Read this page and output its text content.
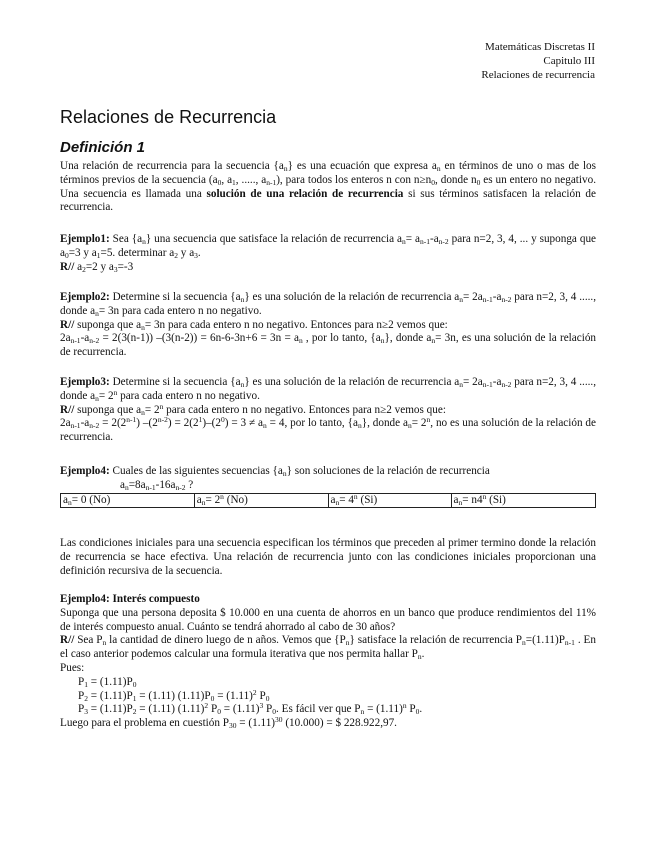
Matemáticas Discretas II
Capitulo III
Relaciones de recurrencia
Relaciones de Recurrencia
Definición 1

Una relación de recurrencia para la secuencia $\{a_n\}$ es una ecuación que expresa $a_n$ en términos de uno o mas de los términos previos de la secuencia ($a_0$, $a_1$, ....., $a_{n-1}$), para todos los enteros n con $n\ge n_0$, donde $n_0$ es un entero no negativo. Una secuencia es llamada una solución de una relación de recurrencia si sus términos satisfacen la relación de recurrencia.

Ejemplo1: Sea $\{a_n\}$ una secuencia que satisface la relación de recurrencia $a_n= a_{n-1}-a_{n-2}$ para n=2, 3, 4, ... y suponga que $a_0=3$ y $a_1=5$. determinar $a_2$ y $a_3$.

R// $a_2=2$ y $a_3=-3$

Ejemplo2: Determine si la secuencia $\{a_n\}$ es una solución de la relación de recurrencia $a_n= 2a_{n-1}-a_{n-2}$ para n=2, 3, 4 ....., donde $a_n= 3n$ para cada entero n no negativo.

R// suponga que $a_n= 3n$ para cada entero n no negativo. Entonces para n≥2 vemos que:

$2a_{n-1}-a_{n-2} = 2(3(n-1)) -(3(n-2)) = 6n-6-3n+6 = 3n = a_n$ , por lo tanto, $\{a_n\}$, donde $a_n= 3n$, es una solución de la relación de recurrencia.

Ejemplo3: Determine si la secuencia $\{a_n\}$ es una solución de la relación de recurrencia $a_n= 2a_{n-1}-a_{n-2}$ para n=2, 3, 4 ....., donde $a_n= 2^n$ para cada entero n no negativo.

R// suponga que $a_n= 2^n$ para cada entero n no negativo. Entonces para n≥2 vemos que:

$2a_{n-1}-a_{n-2} = 2(2^{n-1}) -(2^{n-2}) = 2(2^1)-(2^0) = 3 \ne a_n = 4$, por lo tanto, $\{a_n\}$, donde $a_n= 2^n$, no es una solución de la relación de recurrencia.

Ejemplo4: Cuales de las siguientes secuencias $\{a_n\}$ son soluciones de la relación de recurrencia
$a_n=8a_{n-1}-16a_{n-2}$ ?
$a_n= 0$ (No)	$a_n= 2^n$ (No)	$a_n= 4^n$ (Si)	$a_n= n4^n$ (Si)

Las condiciones iniciales para una secuencia especifican los términos que preceden al primer termino donde la relación de recurrencia se hace efectiva. Una relación de recurrencia junto con las condiciones iniciales proporcionan una definición recursiva de la secuencia.

Ejemplo4: Interés compuesto

Suponga que una persona deposita $ 10.000 en una cuenta de ahorros en un banco que produce rendimientos del 11% de interés compuesto anual. Cuánto se tendrá ahorrado al cabo de 30 años?

R// Sea $P_n$ la cantidad de dinero luego de n años. Vemos que $\{P_n\}$ satisface la relación de recurrencia $P_n=(1.11)P_{n-1}$ . En el caso anterior podemos calcular una formula iterativa que nos permita hallar $P_n$.

Pues:

$P_1 = (1.11)P_0$

$P_2 = (1.11)P_1 = (1.11) (1.11)P_0 = (1.11)^2$ $P_0$

$P_3 = (1.11)P_2 = (1.11)$ $(1.11)^2$ $P_0 = (1.11)^3$ $P_0$. Es fácil ver que $P_n = (1.11)^n$ $P_0$.

Luego para el problema en cuestión $P_{30} = (1.11)^{30}$ (10.000) = $ 228.922,97.
